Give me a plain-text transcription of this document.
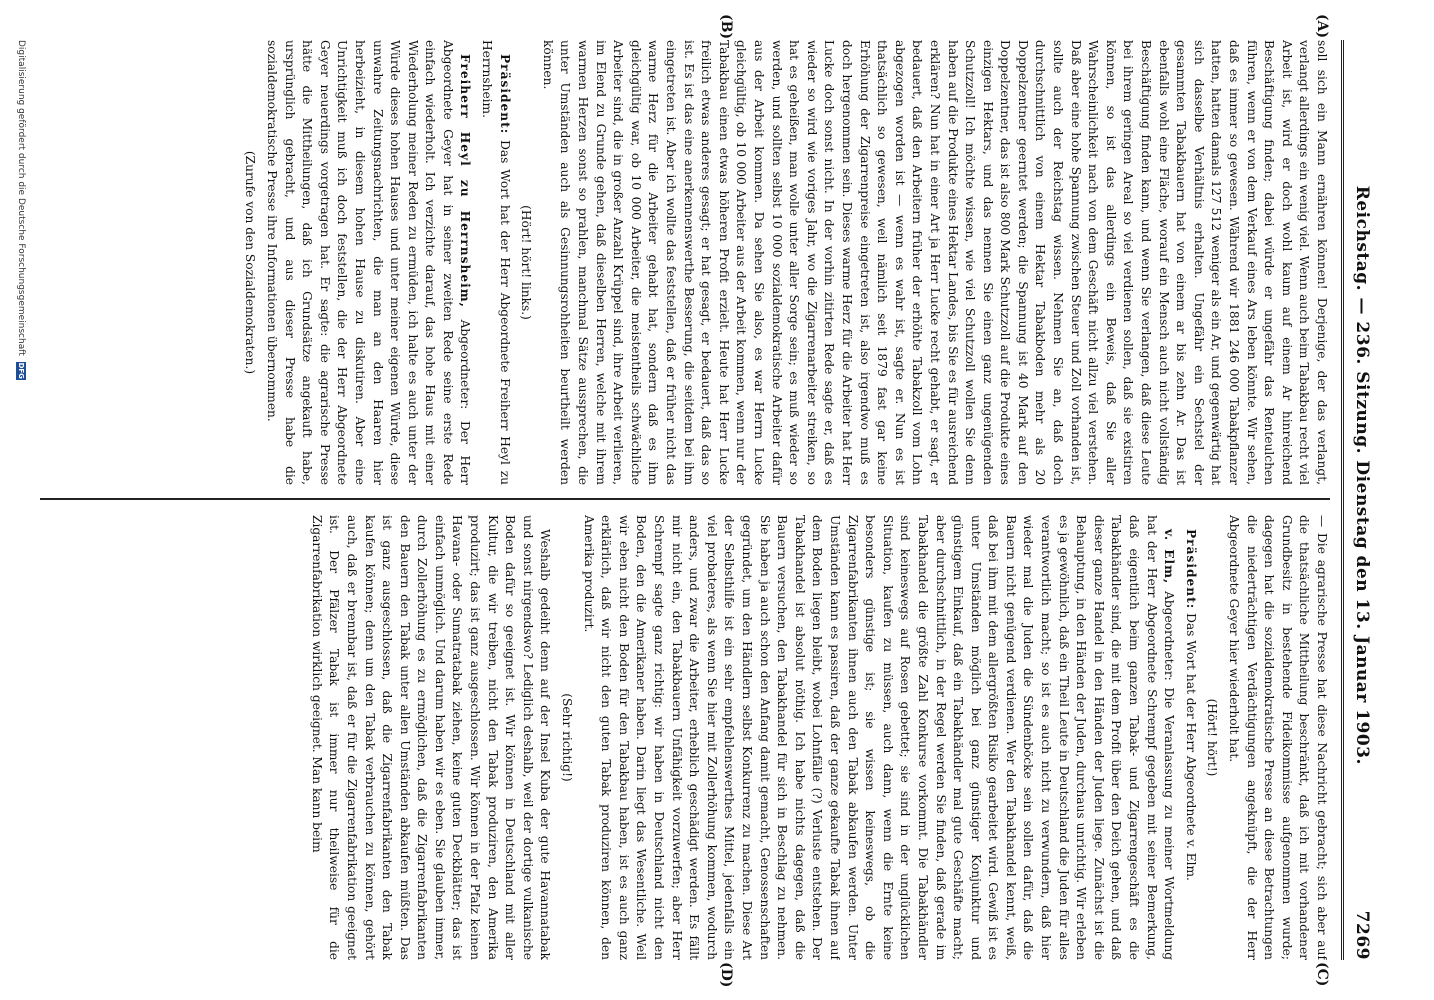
Reichstag. — 236. Sitzung. Dienstag den 13. Januar 1903.
7269
(A)
(B)
(C)
(D)

soll sich ein Mann ernähren können! Derjenige, der das verlangt, verlangt allerdings ein wenig viel. Wenn auch beim Tabakbau recht viel Arbeit ist, wird er doch wohl kaum auf einem Ar hinreichend Beschäftigung finden; dabei würde er ungefähr das Renteulchen führen, wenn er von dem Verkauf eines Ars leben könnte. Wir sehen, daß es immer so gewesen. Während wir 1881 246 000 Tabakpflanzer hatten, hatten damals 127 512 weniger als ein Ar, und gegenwärtig hat sich dasselbe Verhältnis erhalten. Ungefähr ein Sechstel der gesammten Tabakbauern hat von einem ar bis zehn Ar. Das ist ebenfalls wohl eine Fläche, worauf ein Mensch auch nicht vollständig Beschäftigung finden kann, und wenn Sie verlangen, daß diese Leute bei ihrem geringen Areal so viel verdienen sollen, daß sie existiren können, so ist das allerdings ein Beweis, daß Sie aller Wahrscheinlichkeit nach von dem Geschäft nicht allzu viel verstehen. Daß aber eine hohe Spannung zwischen Steuer und Zoll vorhanden ist, sollte auch der Reichstag wissen. Nehmen Sie an, daß doch durchschnittlich von einem Hektar Tabakboden mehr als 20 Doppelzentner geerntet werden; die Spannung ist 40 Mark auf den Doppelzentner, das ist also 800 Mark Schutzzoll auf die Produkte eines einzigen Hektars, und das nennen Sie einen ganz ungenügenden Schutzzoll! Ich möchte wissen, wie viel Schutzzoll wollen Sie denn haben auf die Produkte eines Hektar Landes, bis Sie es für ausreichend erklären? Nun hat in einer Art ja Herr Lucke recht gehabt, er sagt, er bedauert, daß den Arbeitern früher der erhöhte Tabakzoll vom Lohn abgezogen worden ist — wenn es wahr ist, sagte er. Nun es ist thatsächlich so gewesen, weil nämlich seit 1879 fast gar keine Erhöhung der Zigarrenpreise eingetreten ist, also irgendwo muß es doch hergenommen sein. Dieses warme Herz für die Arbeiter hat Herr Lucke doch sonst nicht. In der vorhin zitirten Rede sagte er, daß es wieder so wird wie voriges Jahr, wo die Zigarrenarbeiter streiken, so hat es geheißen, man wolle unter aller Sorge sein; es muß wieder so werden, und sollten selbst 10 000 sozialdemokratische Arbeiter dafür aus der Arbeit kommen. Da sehen Sie also, es war Herrn Lucke gleichgültig, ob 10 000 Arbeiter aus der Arbeit kommen, wenn nur der Tabakbau einen etwas höheren Profit erzielt. Heute hat Herr Lucke freilich etwas anderes gesagt; er hat gesagt, er bedauert, daß das so ist. Es ist das eine anerkennenswerthe Besserung, die seitdem bei ihm eingetreten ist. Aber ich wollte das feststellen, daß er früher nicht das warme Herz für die Arbeiter gehabt hat, sondern daß es ihm gleichgültig war, ob 10 000 Arbeiter, die meistentheils schwächliche Arbeiter sind, die in großer Anzahl Krüppel sind, ihre Arbeit verlieren, im Elend zu Grunde gehen, daß dieselben Herren, welche mit ihrem warmen Herzen sonst so prahlen, manchmal Sätze aussprechen, die unter Umständen auch als Gesinnungsrohheiten beurtheilt werden können.

(Hört! hört! links.)

Präsident: Das Wort hat der Herr Abgeordnete Freiherr Heyl zu Herrnsheim.

Freiherr Heyl zu Herrnsheim, Abgeordneter: Der Herr Abgeordnete Geyer hat in seiner zweiten Rede seine erste Rede einfach wiederholt. Ich verzichte darauf, das hohe Haus mit einer Wiederholung meiner Reden zu ermüden, ich halte es auch unter der Würde dieses hohen Hauses und unter meiner eigenen Würde, diese unwahre Zeitungsnachrichten, die man an den Haaren hier herbeizieht, in diesem hohen Hause zu diskutiren. Aber eine Unrichtigkeit muß ich doch feststellen, die der Herr Abgeordnete Geyer neuerdings vorgetragen hat. Er sagte: die agrarische Presse hätte die Mittheilungen, daß ich Grundsätze angekauft habe, ursprünglich gebracht, und aus dieser Presse habe die sozialdemokratische Presse ihre Informationen übernommen.

(Zurufe von den Sozialdemokraten.)

— Die agrarische Presse hat diese Nachricht gebracht; sich aber auf die thatsächliche Mittheilung beschränkt, daß ich mit vorhandener Grundbesitz in bestehende Fideikommisse aufgenommen wurde; dagegen hat die sozialdemokratische Presse an diese Betrachtungen die niederträchtigen Verdächtigungen angeknüpft, die der Herr Abgeordnete Geyer hier wiederholt hat.

(Hört! hört!)

Präsident: Das Wort hat der Herr Abgeordnete v. Elm.

v. Elm, Abgeordneter: Die Veranlassung zu meiner Wortmeldung hat der Herr Abgeordnete Schrempf gegeben mit seiner Bemerkung, daß eigentlich beim ganzen Tabak- und Zigarrengeschäft es die Tabakhändler sind, die mit dem Profit über den Deich gehen, und daß dieser ganze Handel in den Händen der Juden liege. Zunächst ist die Behauptung, in den Händen der Juden, durchaus unrichtig. Wir erleben es ja gewöhnlich, daß ein Theil Leute in Deutschland die Juden für alles verantwortlich macht; so ist es auch nicht zu verwundern, daß hier wieder mal die Juden die Sündenböcke sein sollen dafür, daß die Bauern nicht genügend verdienen. Wer den Tabakhandel kennt, weiß, daß bei ihm mit dem allergrößten Risiko gearbeitet wird. Gewiß ist es unter Umständen möglich bei ganz günstiger Konjunktur und günstigem Einkauf, daß ein Tabakhändler mal gute Geschäfte macht; aber durchschnittlich, in der Regel werden Sie finden, daß gerade im Tabakhandel die größte Zahl Konkurse vorkommt. Die Tabakhändler sind keineswegs auf Rosen gebettet; sie sind in der unglücklichen Situation, kaufen zu müssen, auch dann, wenn die Ernte keine besonders günstige ist; sie wissen keineswegs, ob die Zigarrenfabrikanten ihnen auch den Tabak abkaufen werden. Unter Umständen kann es passiren, daß der ganze gekaufte Tabak ihnen auf dem Boden liegen bleibt, wobei Lohnfälle (?) Verluste entstehen. Der Tabakhandel ist absolut nöthig. Ich habe nichts dagegen, daß die Bauern versuchen, den Tabakhandel für sich in Beschlag zu nehmen. Sie haben ja auch schon den Anfang damit gemacht, Genossenschaften gegründet, um den Händlern selbst Konkurrenz zu machen. Diese Art der Selbsthilfe ist ein sehr empfehlenswerthes Mittel, jedenfalls ein viel probateres, als wenn Sie hier mit Zollerhöhung kommen, wodurch anders, und zwar die Arbeiter, erheblich geschädigt werden. Es fällt mir nicht ein, den Tabakbauern Unfähigkeit vorzuwerfen; aber Herr Schrempf sagte ganz richtig: wir haben in Deutschland nicht den Boden, den die Amerikaner haben. Darin liegt das Wesentliche. Weil wir eben nicht den Boden für den Tabakbau haben, ist es auch ganz erklärlich, daß wir nicht den guten Tabak produziren können, den Amerika produzirt.

(Sehr richtig!)

Weshalb gedeiht denn auf der Insel Kuba der gute Havannatabak und sonst nirgendswo? Lediglich deshalb, weil der dortige vulkanische Boden dafür so geeignet ist. Wir können in Deutschland mit aller Kultur, die wir treiben, nicht den Tabak produziren, den Amerika produzirt; das ist ganz ausgeschlossen. Wir können in der Pfalz keinen Havana- oder Sumatratabak ziehen, keine guten Deckblätter; das ist einfach unmöglich. Und darum haben wir es eben. Sie glauben immer, durch Zollerhöhung es zu ermöglichen, daß die Zigarrenfabrikanten den Bauern den Tabak unter allen Umständen abkaufen müßten. Das ist ganz ausgeschlossen, daß die Zigarrenfabrikanten den Tabak kaufen können; denn um den Tabak verbrauchen zu können, gehört auch, daß er brennbar ist, daß er für die Zigarrenfabrikation geeignet ist. Der Pfälzer Tabak ist immer nur theilweise für die Zigarrenfabrikation wirklich geeignet. Man kann beim

Digitalisierung gefördert durch die Deutsche Forschungsgemeinschaft
DFG
